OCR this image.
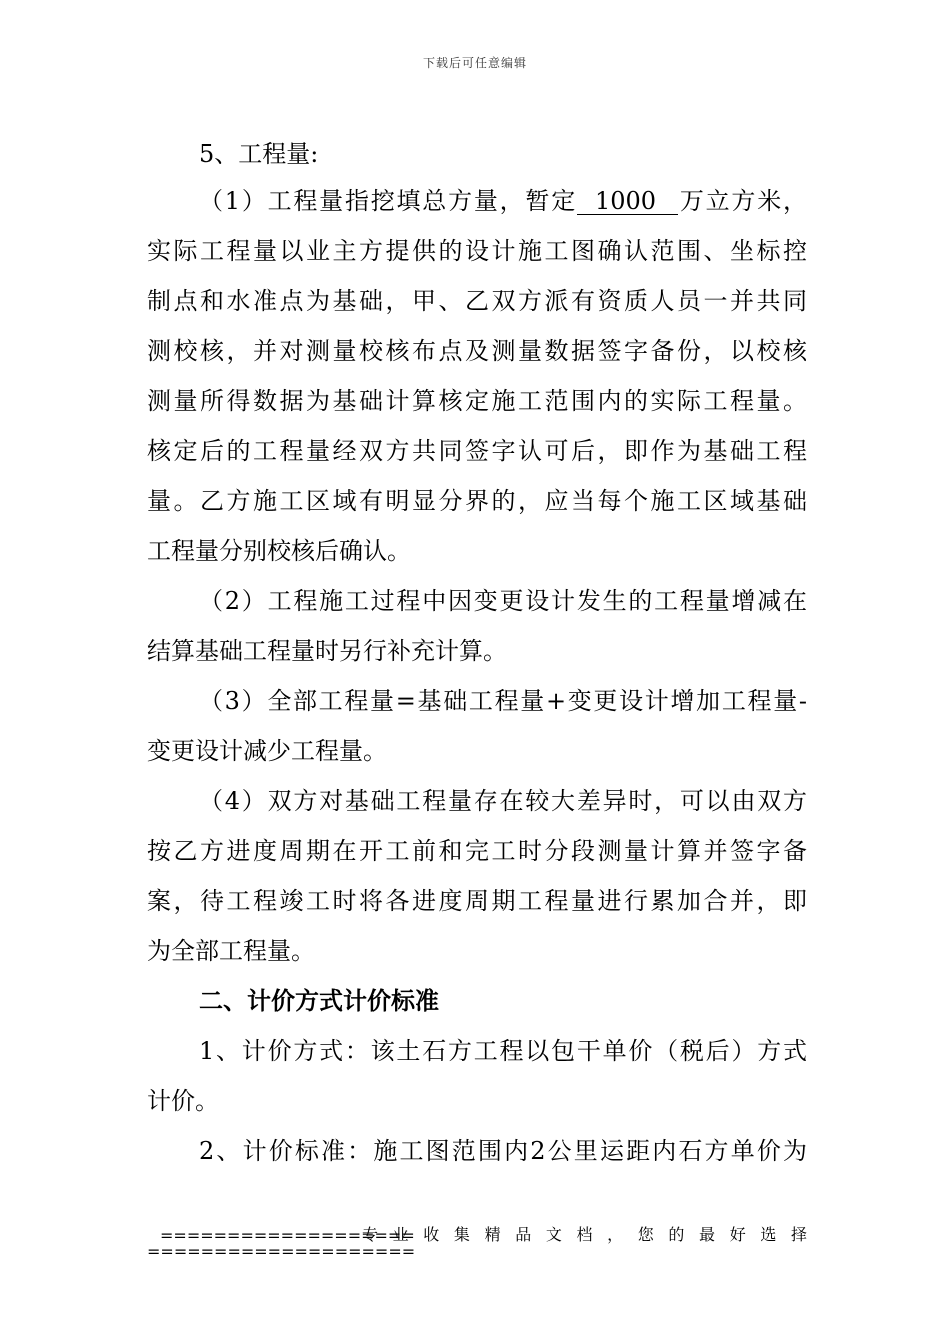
下载后可任意编辑
5、工程量:
（1）工程量指挖填总方量，暂定 1000 万立方米，
实际工程量以业主方提供的设计施工图确认范围、坐标控
制点和水准点为基础，甲、乙双方派有资质人员一并共同
测校核，并对测量校核布点及测量数据签字备份，以校核
测量所得数据为基础计算核定施工范围内的实际工程量。
核定后的工程量经双方共同签字认可后，即作为基础工程
量。乙方施工区域有明显分界的，应当每个施工区域基础
工程量分别校核后确认。
（2）工程施工过程中因变更设计发生的工程量增减在
结算基础工程量时另行补充计算。
（3）全部工程量=基础工程量+变更设计增加工程量-
变更设计减少工程量。
（4）双方对基础工程量存在较大差异时，可以由双方
按乙方进度周期在开工前和完工时分段测量计算并签字备
案，待工程竣工时将各进度周期工程量进行累加合并，即
为全部工程量。
二、计价方式计价标准
1、计价方式：该土石方工程以包干单价（税后）方式
计价。
2、计价标准：施工图范围内2公里运距内石方单价为
===================
专业收集精品文档，您的最好选择
====================
